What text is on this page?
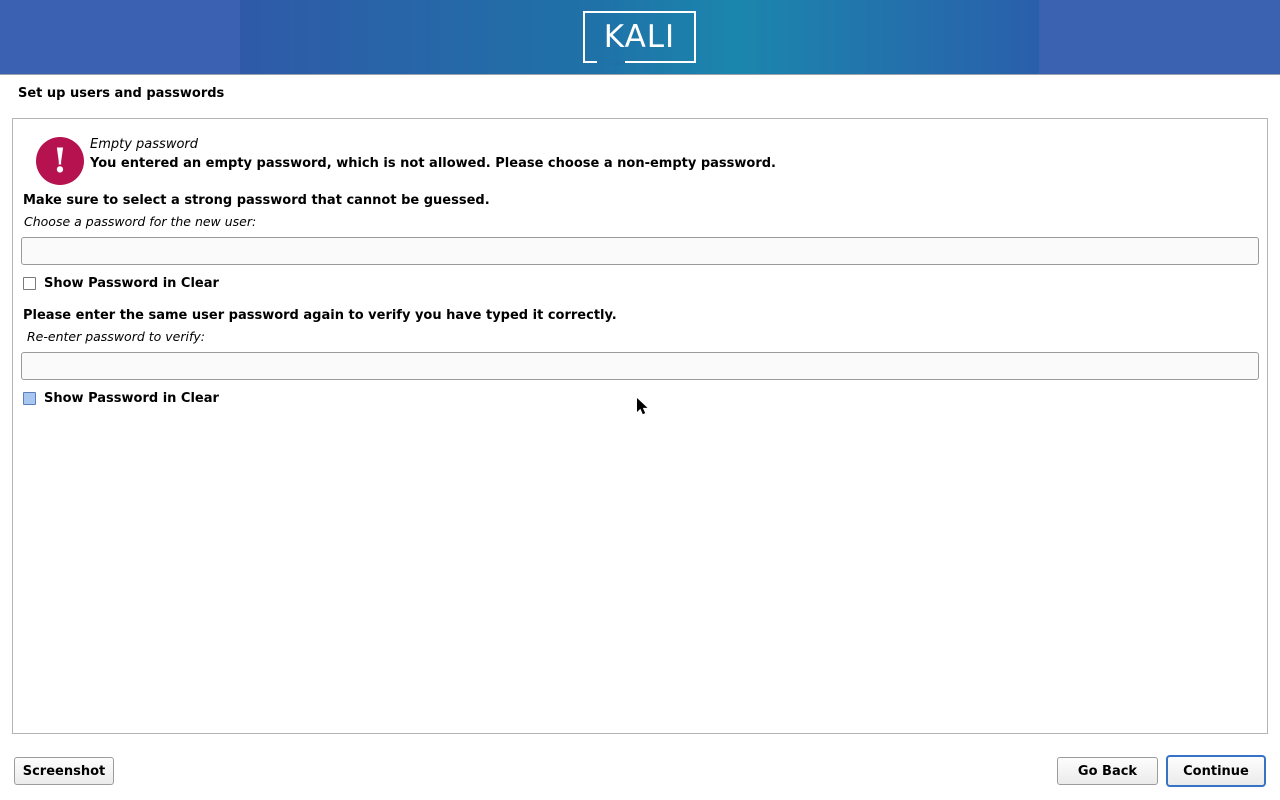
KALI
Set up users and passwords
!	Empty password
You entered an empty password, which is not allowed. Please choose a non-empty password.
Make sure to select a strong password that cannot be guessed.
Choose a password for the new user:
Show Password in Clear
Please enter the same user password again to verify you have typed it correctly.
Re-enter password to verify:
Show Password in Clear
Screenshot	Go Back	Continue
